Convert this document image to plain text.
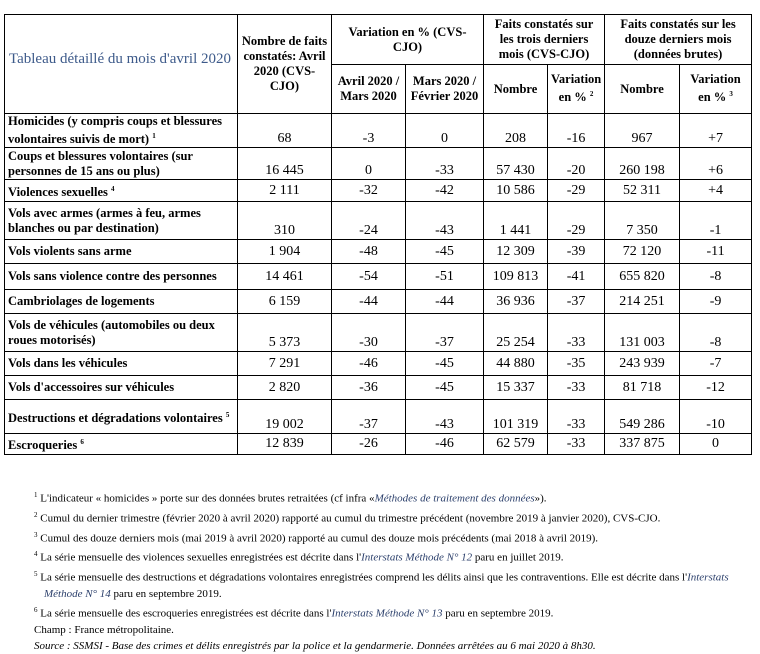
Tableau détaillé du mois d'avril 2020
	Nombre de faits constatés: Avril 2020 (CVS-CJO)	Variation en % (CVS-CJO)		Faits constatés sur les trois derniers mois (CVS-CJO)		Faits constatés sur les douze derniers mois (données brutes)	
		Avril 2020 / Mars 2020	Mars 2020 / Février 2020	Nombre	Variation en % $^2$	Nombre	Variation en % $^3$
Homicides (y compris coups et blessures volontaires suivis de mort) $^1$	68	-3	0	208	-16	967	+7
Coups et blessures volontaires (sur personnes de 15 ans ou plus)	16 445	0	-33	57 430	-20	260 198	+6
Violences sexuelles $^4$	2 111	-32	-42	10 586	-29	52 311	+4
Vols avec armes (armes à feu, armes blanches ou par destination)	310	-24	-43	1 441	-29	7 350	-1
Vols violents sans arme	1 904	-48	-45	12 309	-39	72 120	-11
Vols sans violence contre des personnes	14 461	-54	-51	109 813	-41	655 820	-8
Cambriolages de logements	6 159	-44	-44	36 936	-37	214 251	-9
Vols de véhicules (automobiles ou deux roues motorisés)	5 373	-30	-37	25 254	-33	131 003	-8
Vols dans les véhicules	7 291	-46	-45	44 880	-35	243 939	-7
Vols d'accessoires sur véhicules	2 820	-36	-45	15 337	-33	81 718	-12
Destructions et dégradations volontaires $^5$	19 002	-37	-43	101 319	-33	549 286	-10
Escroqueries $^6$	12 839	-26	-46	62 579	-33	337 875	0
$^1$ L'indicateur « homicides » porte sur des données brutes retraitées (cf infra «Méthodes de traitement des données»).
$^2$ Cumul du dernier trimestre (février 2020 à avril 2020) rapporté au cumul du trimestre précédent (novembre 2019 à janvier 2020), CVS-CJO.
$^3$ Cumul des douze derniers mois (mai 2019 à avril 2020) rapporté au cumul des douze mois précédents (mai 2018 à avril 2019).
$^4$ La série mensuelle des violences sexuelles enregistrées est décrite dans l'Interstats Méthode N° 12 paru en juillet 2019.
$^5$ La série mensuelle des destructions et dégradations volontaires enregistrées comprend les délits ainsi que les contraventions. Elle est décrite dans l'Interstats Méthode N° 14 paru en septembre 2019.
$^6$ La série mensuelle des escroqueries enregistrées est décrite dans l'Interstats Méthode N° 13 paru en septembre 2019.
Champ : France métropolitaine.
Source : SSMSI - Base des crimes et délits enregistrés par la police et la gendarmerie. Données arrêtées au 6 mai 2020 à 8h30.
